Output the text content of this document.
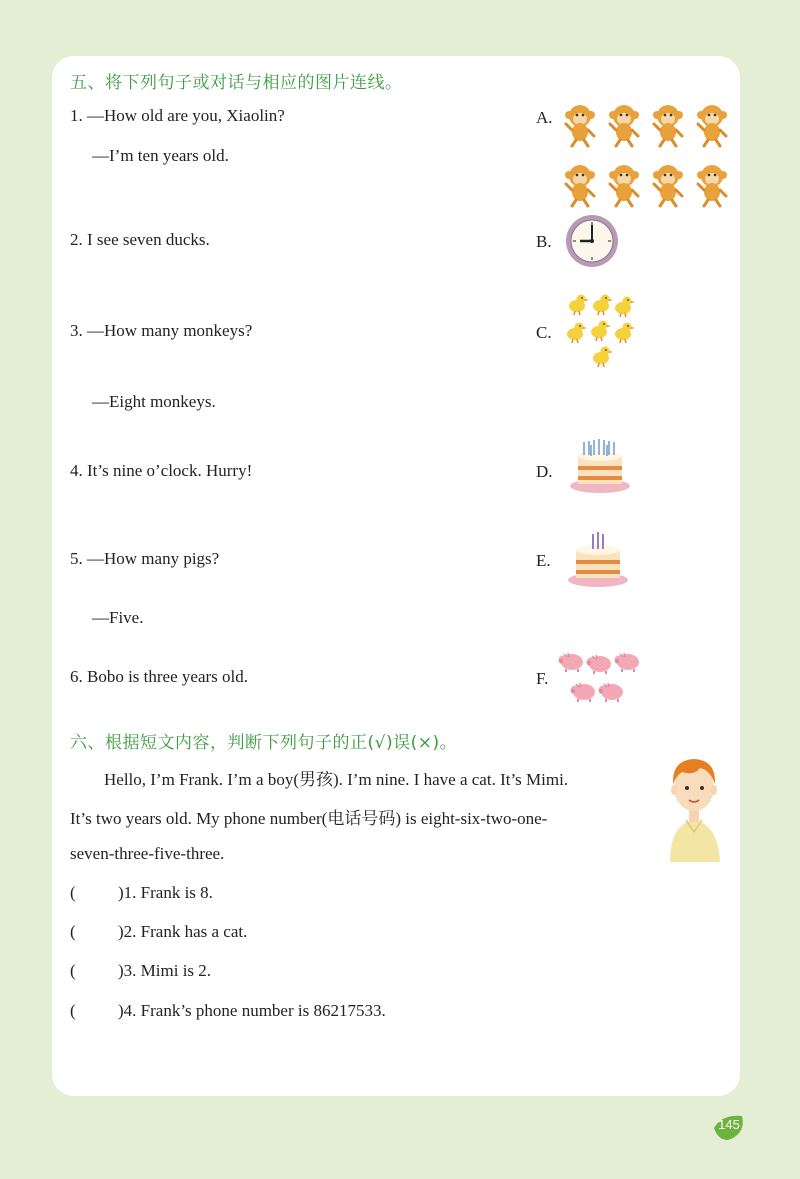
五、将下列句子或对话与相应的图片连线。
1. —How old are you, Xiaolin?
—I’m ten years old.
2. I see seven ducks.
3. —How many monkeys?
—Eight monkeys.
4. It’s nine o’clock. Hurry!
5. —How many pigs?
—Five.
6. Bobo is three years old.
A.
B.
C.
D.
E.
F.
六、根据短文内容，判断下列句子的正(√)误(×)。
Hello, I’m Frank. I’m a boy(男孩). I’m nine. I have a cat. It’s Mimi.
It’s two years old. My phone number(电话号码) is eight-six-two-one-
seven-three-five-three.
( )1. Frank is 8.
( )2. Frank has a cat.
( )3. Mimi is 2.
( )4. Frank’s phone number is 86217533.
145
